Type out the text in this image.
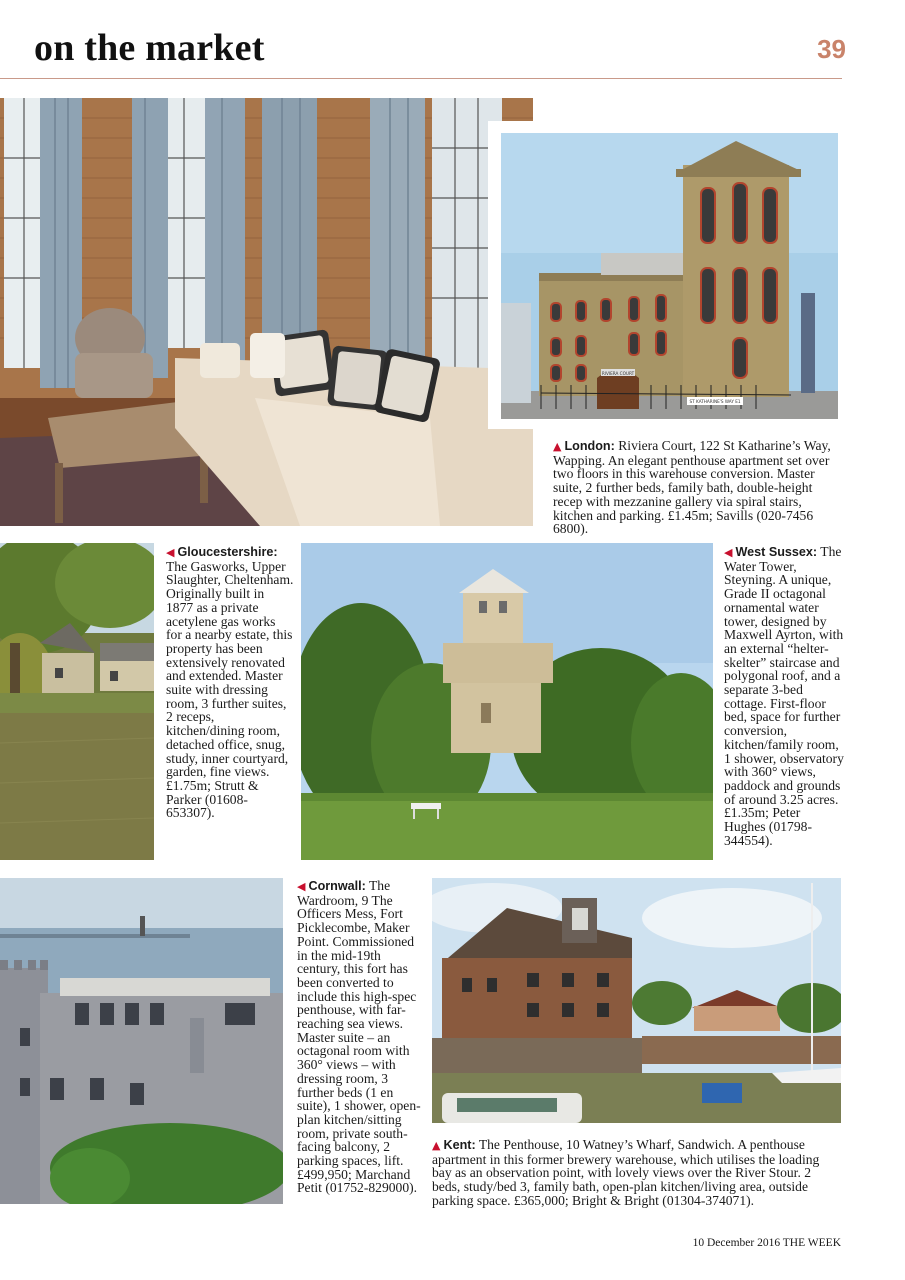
on the market	39
RIVIERA COURT
ST KATHARINE'S WAY E1
▲ London: Riviera Court, 122 St Katharine’s Way, Wapping. An elegant penthouse apartment set over two floors in this warehouse conversion. Master suite, 2 further beds, family bath, double-height recep with mezzanine gallery via spiral stairs, kitchen and parking. £1.45m; Savills (020-7456 6800).
◀ Gloucestershire: The Gasworks, Upper Slaughter, Cheltenham. Originally built in 1877 as a private acetylene gas works for a nearby estate, this property has been extensively renovated and extended. Master suite with dressing room, 3 further suites, 2 receps, kitchen/dining room, detached office, snug, study, inner courtyard, garden, fine views. £1.75m; Strutt & Parker (01608-653307).
◀ West Sussex: The Water Tower, Steyning. A unique, Grade II octagonal ornamental water tower, designed by Maxwell Ayrton, with an external “helter-skelter” staircase and polygonal roof, and a separate 3-bed cottage. First-floor bed, space for further conversion, kitchen/family room, 1 shower, observatory with 360° views, paddock and grounds of around 3.25 acres. £1.35m; Peter Hughes (01798-344554).
◀ Cornwall: The Wardroom, 9 The Officers Mess, Fort Picklecombe, Maker Point. Commissioned in the mid-19th century, this fort has been converted to include this high-spec penthouse, with far-reaching sea views. Master suite – an octagonal room with 360° views – with dressing room, 3 further beds (1 en suite), 1 shower, open-plan kitchen/sitting room, private south-facing balcony, 2 parking spaces, lift. £499,950; Marchand Petit (01752-829000).
▲ Kent: The Penthouse, 10 Watney’s Wharf, Sandwich. A penthouse apartment in this former brewery warehouse, which utilises the loading bay as an observation point, with lovely views over the River Stour. 2 beds, study/bed 3, family bath, open-plan kitchen/living area, outside parking space. £365,000; Bright & Bright (01304-374071).
10 December 2016 THE WEEK
